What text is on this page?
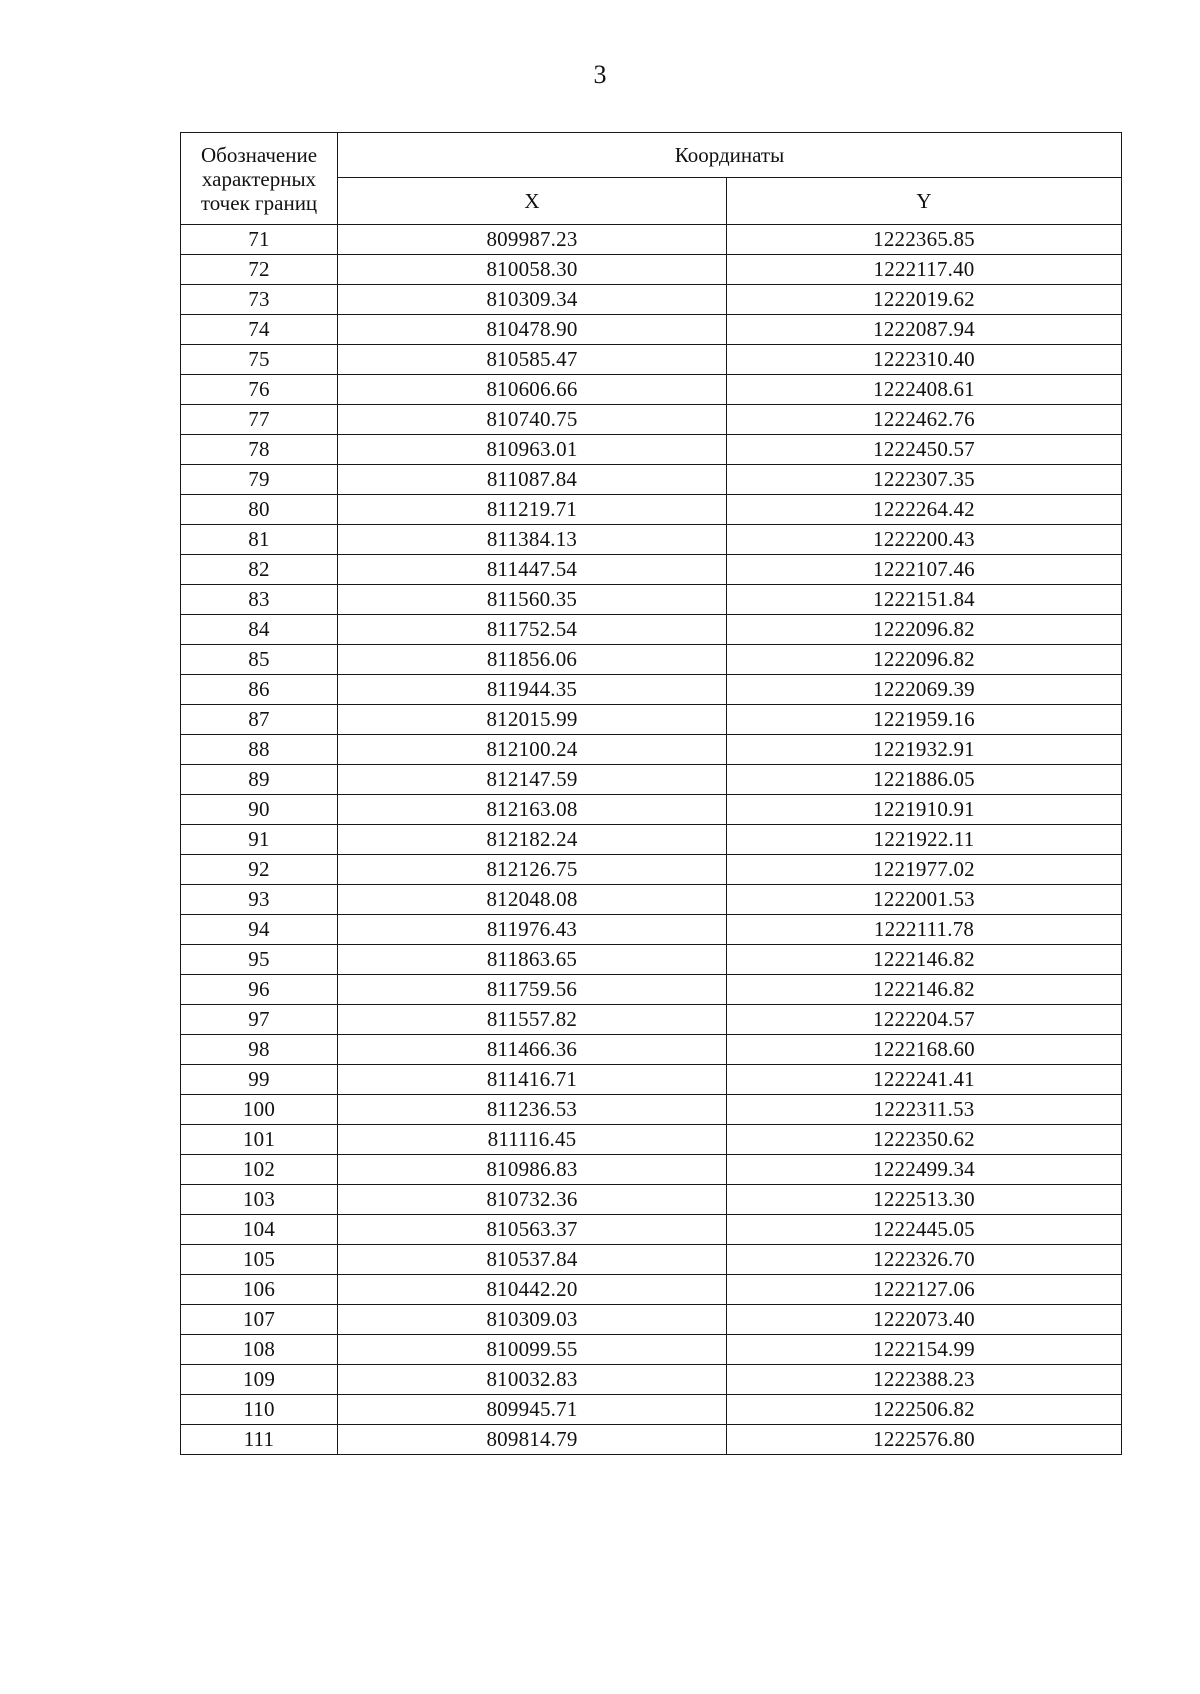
3
Обозначение характерных точек границ	Координаты	
	X	Y
71	809987.23	1222365.85
72	810058.30	1222117.40
73	810309.34	1222019.62
74	810478.90	1222087.94
75	810585.47	1222310.40
76	810606.66	1222408.61
77	810740.75	1222462.76
78	810963.01	1222450.57
79	811087.84	1222307.35
80	811219.71	1222264.42
81	811384.13	1222200.43
82	811447.54	1222107.46
83	811560.35	1222151.84
84	811752.54	1222096.82
85	811856.06	1222096.82
86	811944.35	1222069.39
87	812015.99	1221959.16
88	812100.24	1221932.91
89	812147.59	1221886.05
90	812163.08	1221910.91
91	812182.24	1221922.11
92	812126.75	1221977.02
93	812048.08	1222001.53
94	811976.43	1222111.78
95	811863.65	1222146.82
96	811759.56	1222146.82
97	811557.82	1222204.57
98	811466.36	1222168.60
99	811416.71	1222241.41
100	811236.53	1222311.53
101	811116.45	1222350.62
102	810986.83	1222499.34
103	810732.36	1222513.30
104	810563.37	1222445.05
105	810537.84	1222326.70
106	810442.20	1222127.06
107	810309.03	1222073.40
108	810099.55	1222154.99
109	810032.83	1222388.23
110	809945.71	1222506.82
111	809814.79	1222576.80
